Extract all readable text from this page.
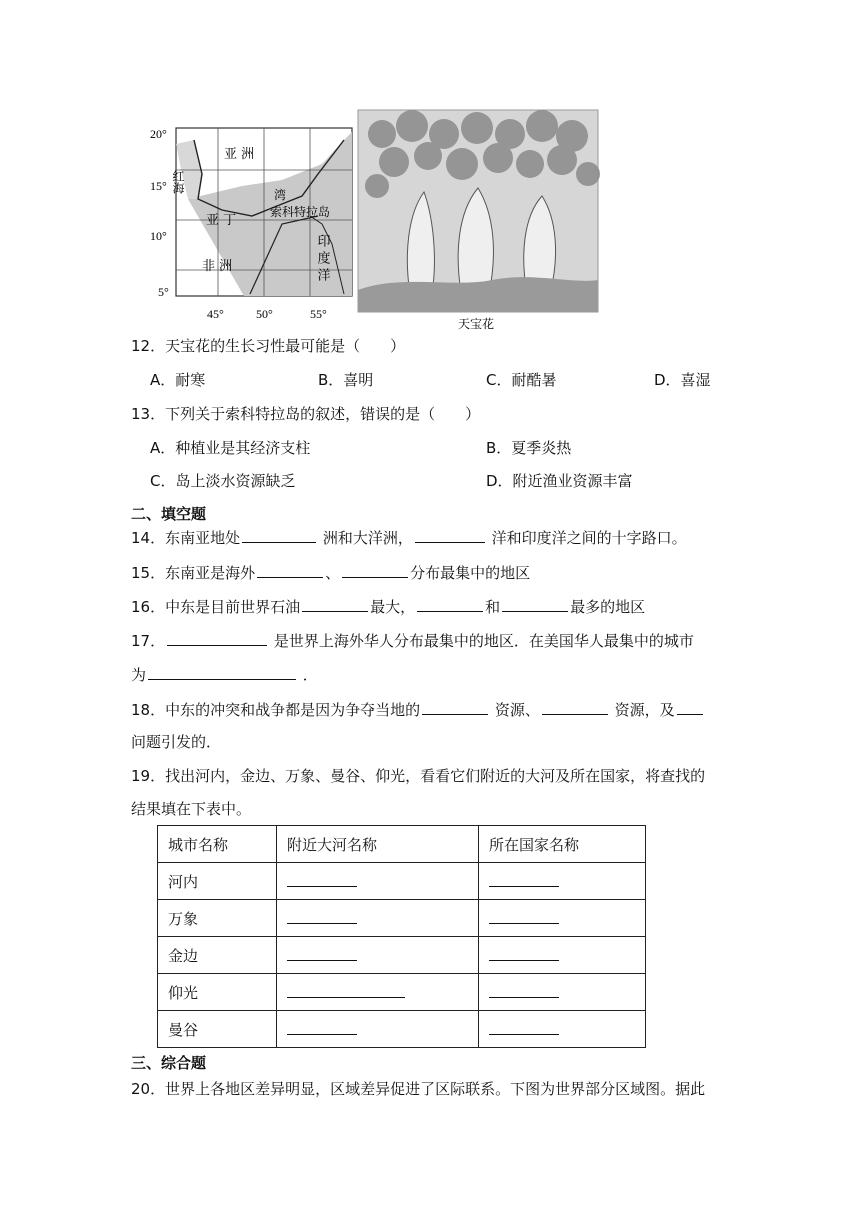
20°
15°
10°
5°
45°	50°	55°
亚 洲
红海
亚 丁
湾
索科特拉岛
非 洲	印 度 洋
天宝花
12．天宝花的生长习性最可能是（　　）
A．耐寒	B．喜明	C．耐酷暑	D．喜湿
13．下列关于索科特拉岛的叙述，错误的是（　　）
A．种植业是其经济支柱	B．夏季炎热
C．岛上淡水资源缺乏	D．附近渔业资源丰富
二、填空题
14．东南亚地处	洲和大洋洲，	洋和印度洋之间的十字路口。
15．东南亚是海外	、	分布最集中的地区
16．中东是目前世界石油	最大，	和	最多的地区
17．	是世界上海外华人分布最集中的地区．在美国华人最集中的城市
为	．
18．中东的冲突和战争都是因为争夺当地的	资源、	资源，及
问题引发的．
19．找出河内，金边、万象、曼谷、仰光，看看它们附近的大河及所在国家，将查找的
结果填在下表中。
城市名称	附近大河名称	所在国家名称
河内		
万象		
金边		
仰光		
曼谷		
三、综合题
20．世界上各地区差异明显，区域差异促进了区际联系。下图为世界部分区域图。据此
